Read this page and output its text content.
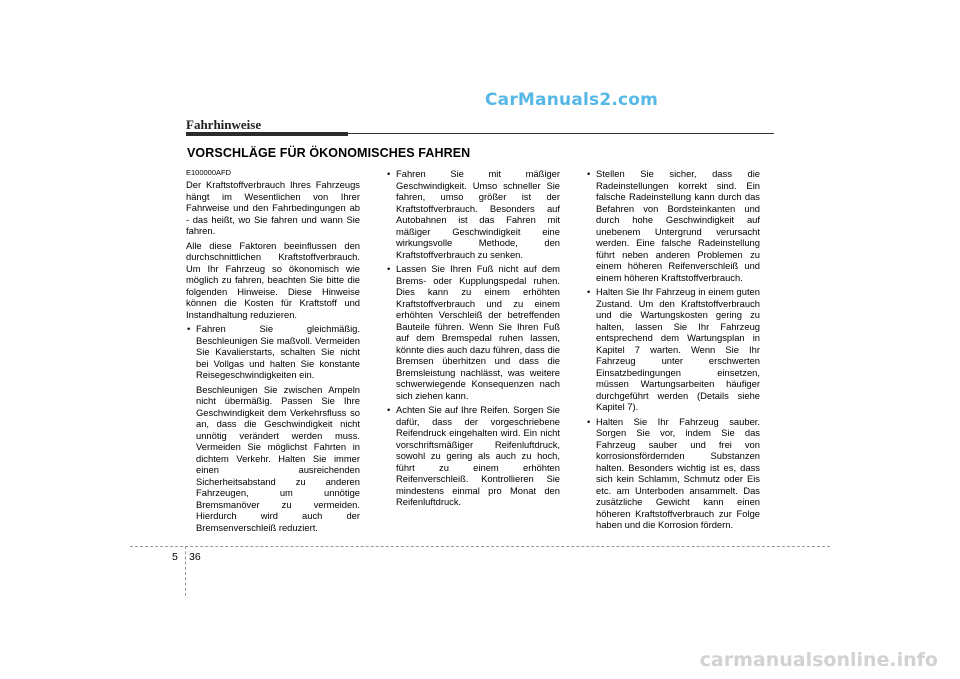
CarManuals2.com
Fahrhinweise
VORSCHLÄGE FÜR ÖKONOMISCHES FAHREN

E100000AFD

Der Kraftstoffverbrauch Ihres Fahrzeugs hängt im Wesentlichen von Ihrer Fahrweise und den Fahrbedingungen ab - das heißt, wo Sie fahren und wann Sie fahren.

Alle diese Faktoren beeinflussen den durchschnittlichen Kraftstoffverbrauch. Um Ihr Fahrzeug so ökonomisch wie möglich zu fahren, beachten Sie bitte die folgenden Hinweise. Diese Hinweise können die Kosten für Kraftstoff und Instandhaltung reduzieren.

• Fahren Sie gleichmäßig. Beschleunigen Sie maßvoll. Vermeiden Sie Kavalierstarts, schalten Sie nicht bei Vollgas und halten Sie konstante Reisegeschwindigkeiten ein.

Beschleunigen Sie zwischen Ampeln nicht übermäßig. Passen Sie Ihre Geschwindigkeit dem Verkehrsfluss so an, dass die Geschwindigkeit nicht unnötig verändert werden muss. Vermeiden Sie möglichst Fahrten in dichtem Verkehr. Halten Sie immer einen ausreichenden Sicherheitsabstand zu anderen Fahrzeugen, um unnötige Bremsmanöver zu vermeiden. Hierdurch wird auch der Bremsenverschleiß reduziert.

• Fahren Sie mit mäßiger Geschwindigkeit. Umso schneller Sie fahren, umso größer ist der Kraftstoffverbrauch. Besonders auf Autobahnen ist das Fahren mit mäßiger Geschwindigkeit eine wirkungsvolle Methode, den Kraftstoffverbrauch zu senken.
• Lassen Sie Ihren Fuß nicht auf dem Brems- oder Kupplungspedal ruhen. Dies kann zu einem erhöhten Kraftstoffverbrauch und zu einem erhöhten Verschleiß der betreffenden Bauteile führen. Wenn Sie Ihren Fuß auf dem Bremspedal ruhen lassen, könnte dies auch dazu führen, dass die Bremsen überhitzen und dass die Bremsleistung nachlässt, was weitere schwerwiegende Konsequenzen nach sich ziehen kann.
• Achten Sie auf Ihre Reifen. Sorgen Sie dafür, dass der vorgeschriebene Reifendruck eingehalten wird. Ein nicht vorschriftsmäßiger Reifenluftdruck, sowohl zu gering als auch zu hoch, führt zu einem erhöhten Reifenverschleiß. Kontrollieren Sie mindestens einmal pro Monat den Reifenluftdruck.
• Stellen Sie sicher, dass die Radeinstellungen korrekt sind. Ein falsche Radeinstellung kann durch das Befahren von Bordsteinkanten und durch hohe Geschwindigkeit auf unebenem Untergrund verursacht werden. Eine falsche Radeinstellung führt neben anderen Problemen zu einem höheren Reifenverschleiß und einem höheren Kraftstoffverbrauch.
• Halten Sie Ihr Fahrzeug in einem guten Zustand. Um den Kraftstoffverbrauch und die Wartungskosten gering zu halten, lassen Sie Ihr Fahrzeug entsprechend dem Wartungsplan in Kapitel 7 warten. Wenn Sie Ihr Fahrzeug unter erschwerten Einsatzbedingungen einsetzen, müssen Wartungsarbeiten häufiger durchgeführt werden (Details siehe Kapitel 7).
• Halten Sie Ihr Fahrzeug sauber. Sorgen Sie vor, indem Sie das Fahrzeug sauber und frei von korrosionsfördernden Substanzen halten. Besonders wichtig ist es, dass sich kein Schlamm, Schmutz oder Eis etc. am Unterboden ansammelt. Das zusätzliche Gewicht kann einen höheren Kraftstoffverbrauch zur Folge haben und die Korrosion fördern.
5 36
carmanualsonline.info
